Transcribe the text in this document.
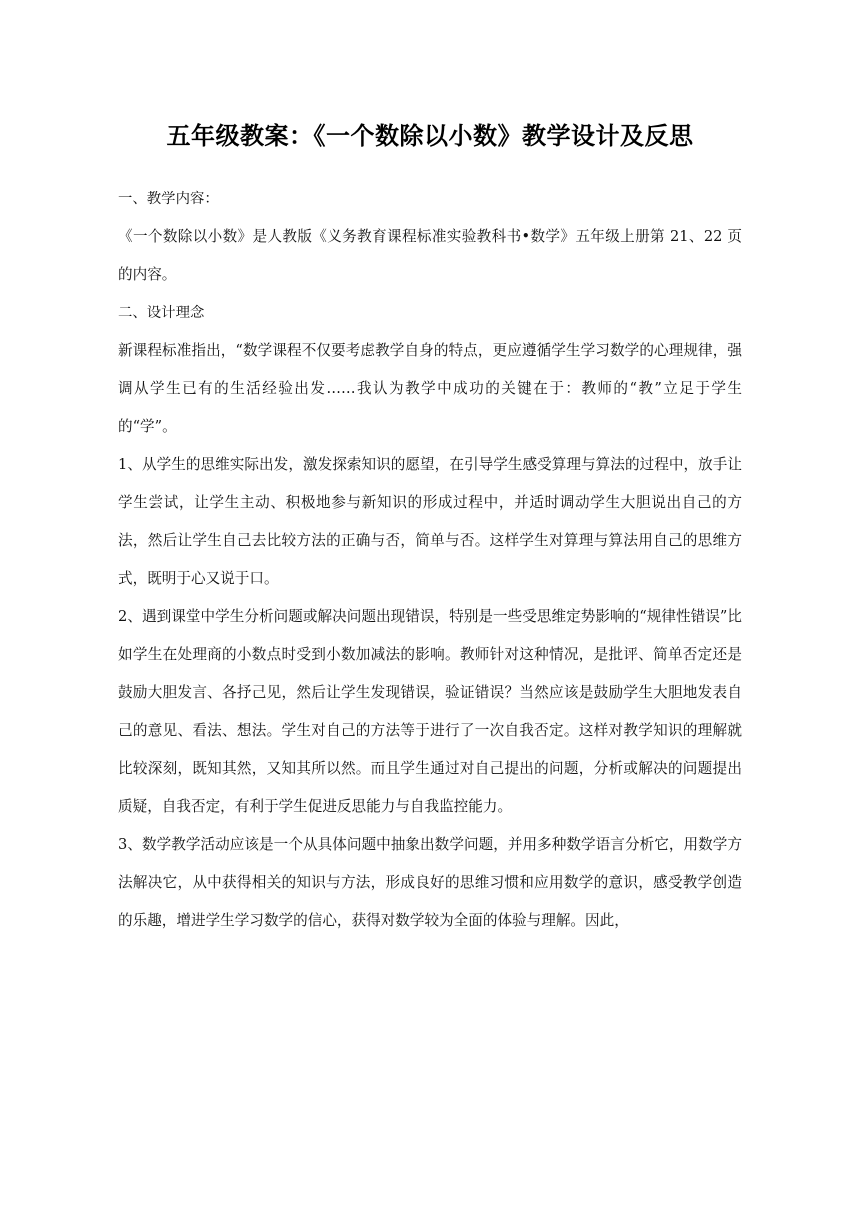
五年级教案：《一个数除以小数》教学设计及反思

一、教学内容：

《一个数除以小数》是人教版《义务教育课程标准实验教科书•数学》五年级上册第 21、22 页的内容。

二、设计理念

新课程标准指出，“数学课程不仅要考虑教学自身的特点，更应遵循学生学习数学的心理规律，强调从学生已有的生活经验出发……我认为教学中成功的关键在于：教师的“教”立足于学生的“学”。

1、从学生的思维实际出发，激发探索知识的愿望，在引导学生感受算理与算法的过程中，放手让学生尝试，让学生主动、积极地参与新知识的形成过程中，并适时调动学生大胆说出自己的方法，然后让学生自己去比较方法的正确与否，简单与否。这样学生对算理与算法用自己的思维方式，既明于心又说于口。

2、遇到课堂中学生分析问题或解决问题出现错误，特别是一些受思维定势影响的“规律性错误”比如学生在处理商的小数点时受到小数加减法的影响。教师针对这种情况，是批评、简单否定还是鼓励大胆发言、各抒己见，然后让学生发现错误，验证错误？当然应该是鼓励学生大胆地发表自己的意见、看法、想法。学生对自己的方法等于进行了一次自我否定。这样对教学知识的理解就比较深刻，既知其然，又知其所以然。而且学生通过对自己提出的问题，分析或解决的问题提出质疑，自我否定，有利于学生促进反思能力与自我监控能力。

3、数学教学活动应该是一个从具体问题中抽象出数学问题，并用多种数学语言分析它，用数学方法解决它，从中获得相关的知识与方法，形成良好的思维习惯和应用数学的意识，感受教学创造的乐趣，增进学生学习数学的信心，获得对数学较为全面的体验与理解。因此，
